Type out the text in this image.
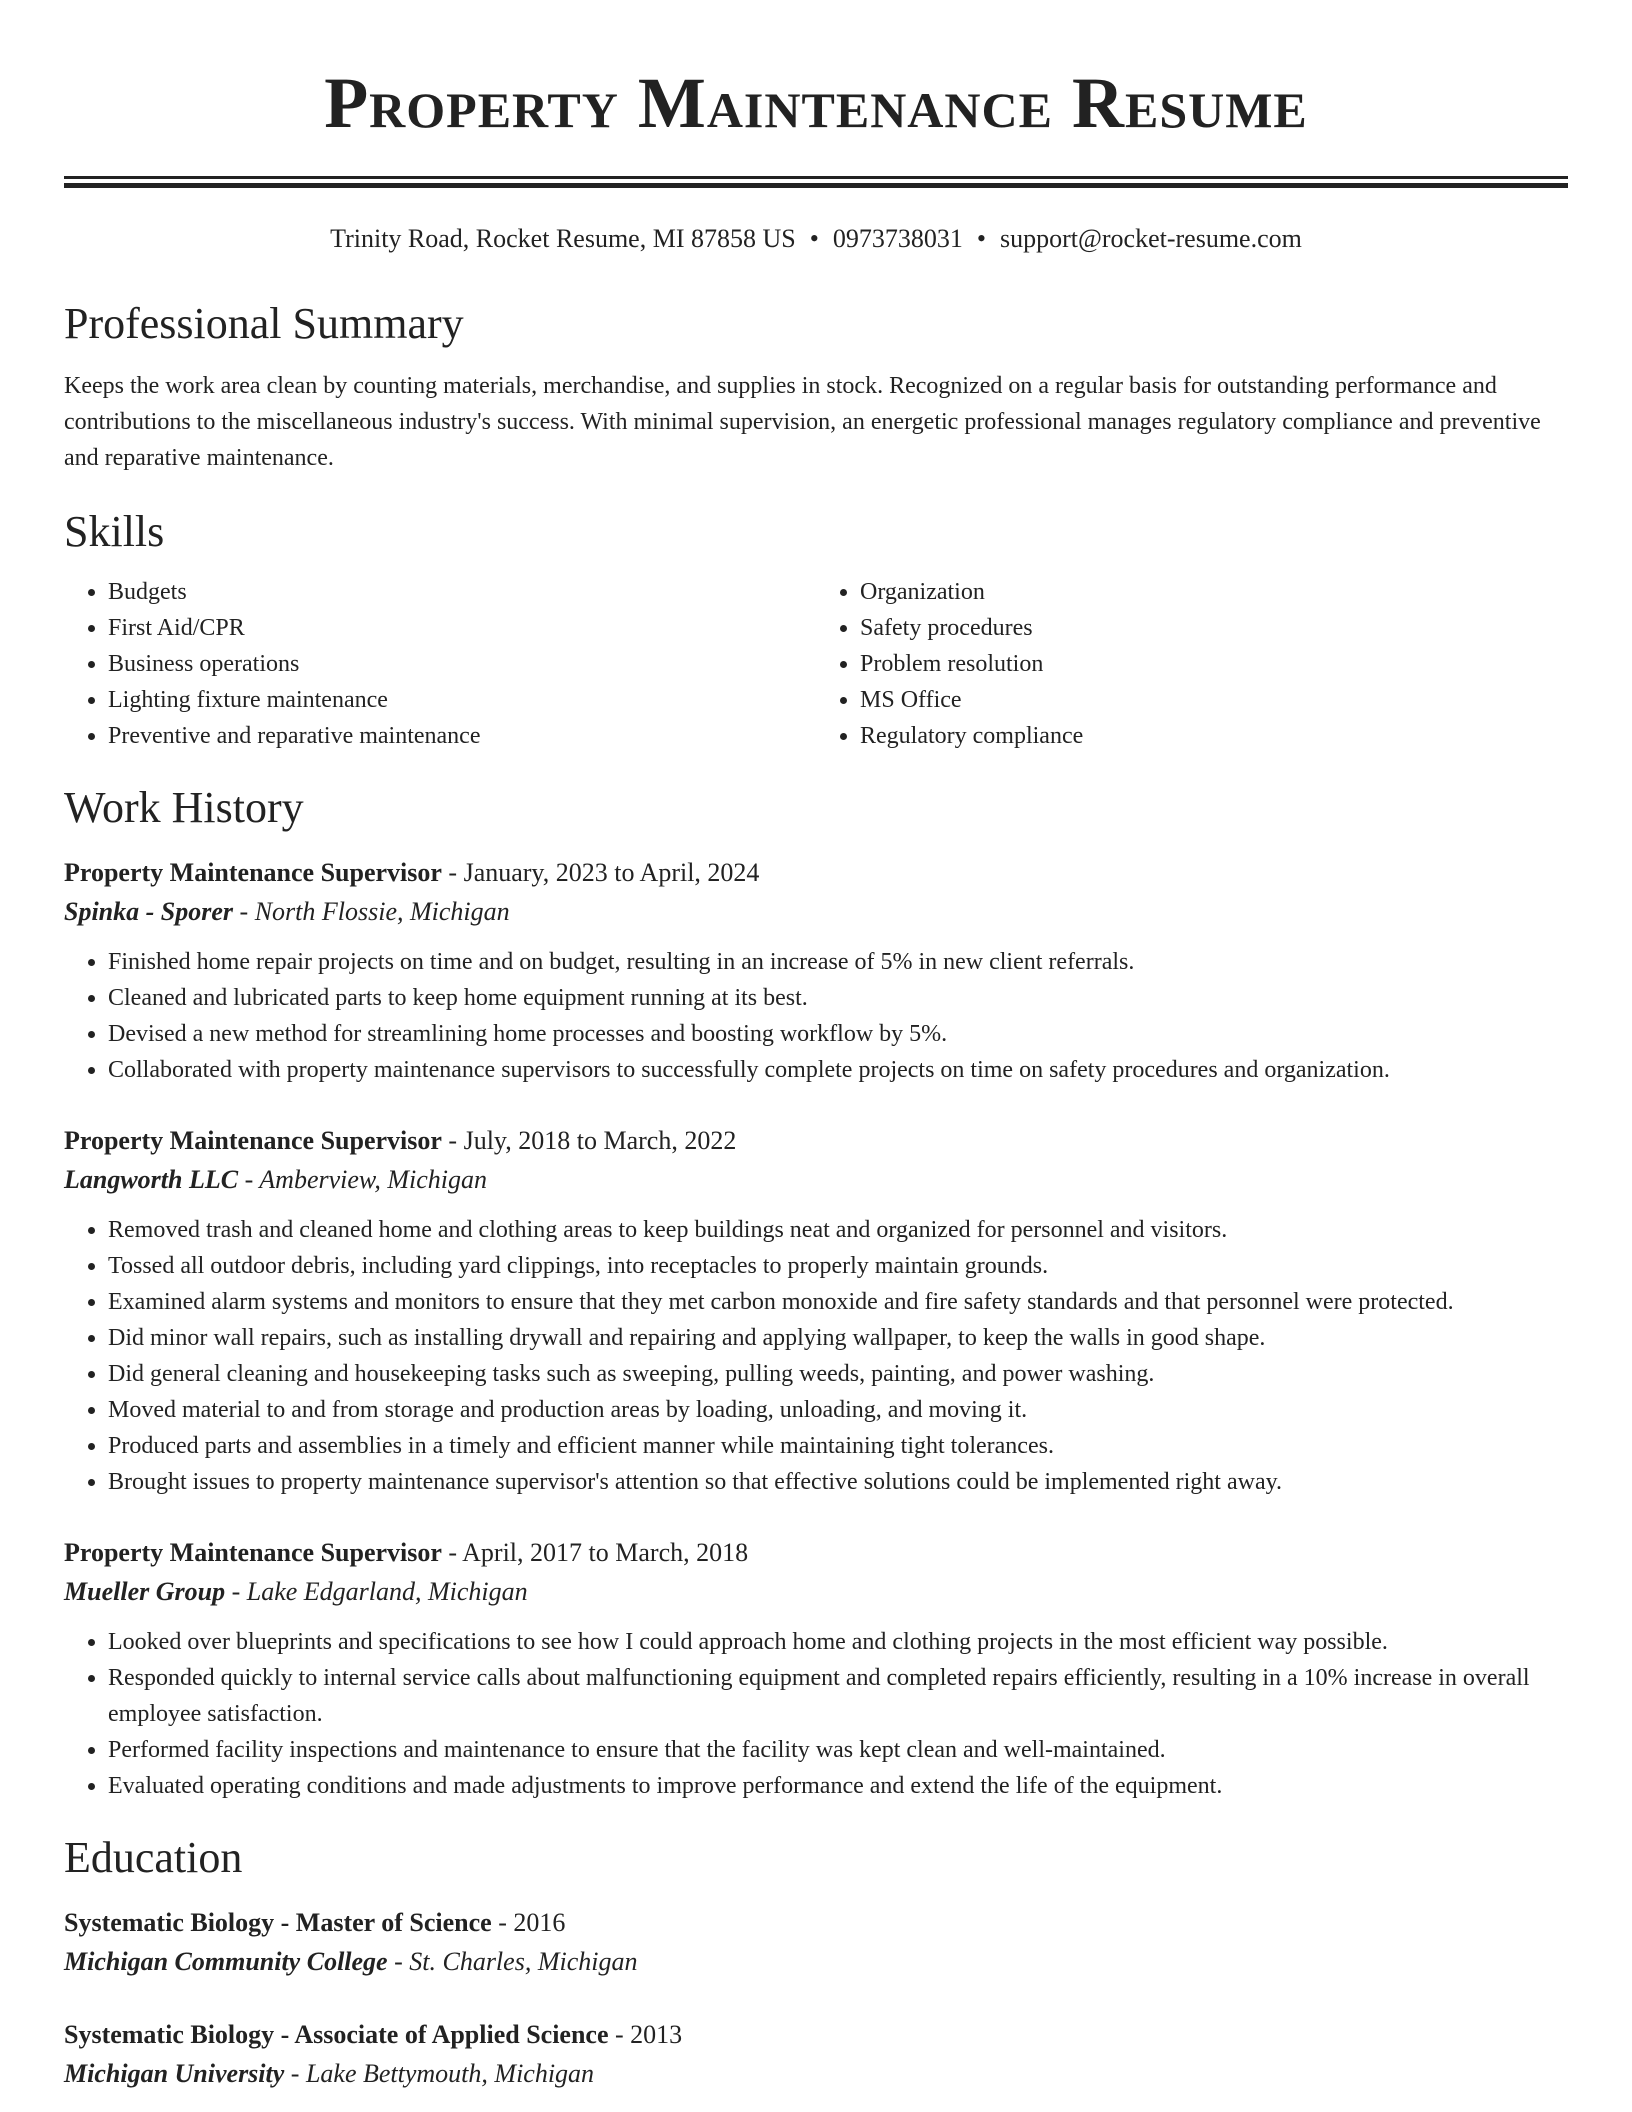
Property Maintenance Resume
Trinity Road, Rocket Resume, MI 87858 US • 0973738031 • support@rocket-resume.com
Professional Summary

Keeps the work area clean by counting materials, merchandise, and supplies in stock. Recognized on a regular basis for outstanding performance and contributions to the miscellaneous industry's success. With minimal supervision, an energetic professional manages regulatory compliance and preventive and reparative maintenance.

Skills
• Budgets
• First Aid/CPR
• Business operations
• Lighting fixture maintenance
• Preventive and reparative maintenance
• Organization
• Safety procedures
• Problem resolution
• MS Office
• Regulatory compliance
Work History
Property Maintenance Supervisor - January, 2023 to April, 2024
Spinka - Sporer - North Flossie, Michigan
• Finished home repair projects on time and on budget, resulting in an increase of 5% in new client referrals.
• Cleaned and lubricated parts to keep home equipment running at its best.
• Devised a new method for streamlining home processes and boosting workflow by 5%.
• Collaborated with property maintenance supervisors to successfully complete projects on time on safety procedures and organization.
Property Maintenance Supervisor - July, 2018 to March, 2022
Langworth LLC - Amberview, Michigan
• Removed trash and cleaned home and clothing areas to keep buildings neat and organized for personnel and visitors.
• Tossed all outdoor debris, including yard clippings, into receptacles to properly maintain grounds.
• Examined alarm systems and monitors to ensure that they met carbon monoxide and fire safety standards and that personnel were protected.
• Did minor wall repairs, such as installing drywall and repairing and applying wallpaper, to keep the walls in good shape.
• Did general cleaning and housekeeping tasks such as sweeping, pulling weeds, painting, and power washing.
• Moved material to and from storage and production areas by loading, unloading, and moving it.
• Produced parts and assemblies in a timely and efficient manner while maintaining tight tolerances.
• Brought issues to property maintenance supervisor's attention so that effective solutions could be implemented right away.
Property Maintenance Supervisor - April, 2017 to March, 2018
Mueller Group - Lake Edgarland, Michigan
• Looked over blueprints and specifications to see how I could approach home and clothing projects in the most efficient way possible.
• Responded quickly to internal service calls about malfunctioning equipment and completed repairs efficiently, resulting in a 10% increase in overall employee satisfaction.
• Performed facility inspections and maintenance to ensure that the facility was kept clean and well-maintained.
• Evaluated operating conditions and made adjustments to improve performance and extend the life of the equipment.
Education
Systematic Biology - Master of Science - 2016
Michigan Community College - St. Charles, Michigan
Systematic Biology - Associate of Applied Science - 2013
Michigan University - Lake Bettymouth, Michigan
